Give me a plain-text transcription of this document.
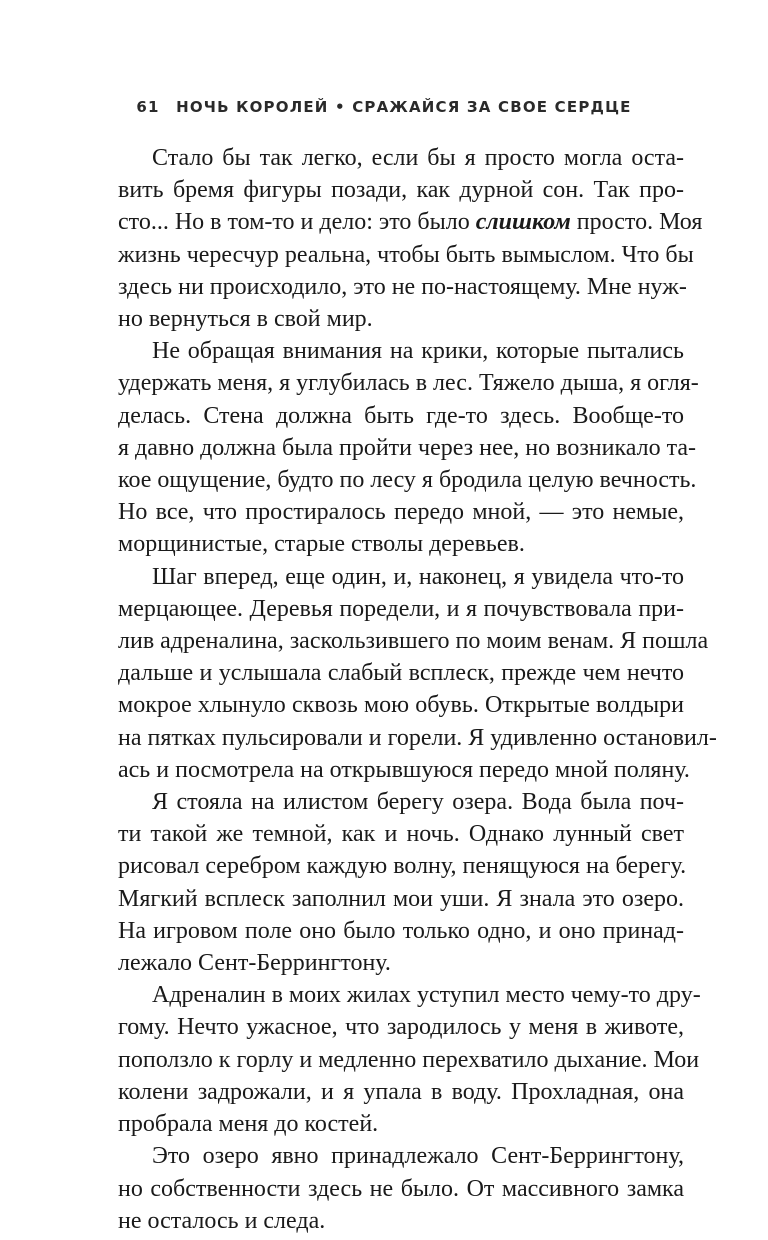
61 НОЧЬ КОРОЛЕЙ • СРАЖАЙСЯ ЗА СВОЕ СЕРДЦЕ
Стало бы так легко, если бы я просто могла оста-
вить бремя фигуры позади, как дурной сон. Так про-
сто... Но в том-то и дело: это было слишком просто. Моя
жизнь чересчур реальна, чтобы быть вымыслом. Что бы
здесь ни происходило, это не по-настоящему. Мне нуж-
но вернуться в свой мир.
Не обращая внимания на крики, которые пытались
удержать меня, я углубилась в лес. Тяжело дыша, я огля-
делась. Стена должна быть где-то здесь. Вообще-то
я давно должна была пройти через нее, но возникало та-
кое ощущение, будто по лесу я бродила целую вечность.
Но все, что простиралось передо мной, — это немые,
морщинистые, старые стволы деревьев.
Шаг вперед, еще один, и, наконец, я увидела что-то
мерцающее. Деревья поредели, и я почувствовала при-
лив адреналина, заскользившего по моим венам. Я пошла
дальше и услышала слабый всплеск, прежде чем нечто
мокрое хлынуло сквозь мою обувь. Открытые волдыри
на пятках пульсировали и горели. Я удивленно остановил-
ась и посмотрела на открывшуюся передо мной поляну.
Я стояла на илистом берегу озера. Вода была поч-
ти такой же темной, как и ночь. Однако лунный свет
рисовал серебром каждую волну, пенящуюся на берегу.
Мягкий всплеск заполнил мои уши. Я знала это озеро.
На игровом поле оно было только одно, и оно принад-
лежало Сент-Беррингтону.
Адреналин в моих жилах уступил место чему-то дру-
гому. Нечто ужасное, что зародилось у меня в животе,
поползло к горлу и медленно перехватило дыхание. Мои
колени задрожали, и я упала в воду. Прохладная, она
пробрала меня до костей.
Это озеро явно принадлежало Сент-Беррингтону,
но собственности здесь не было. От массивного замка
не осталось и следа.
